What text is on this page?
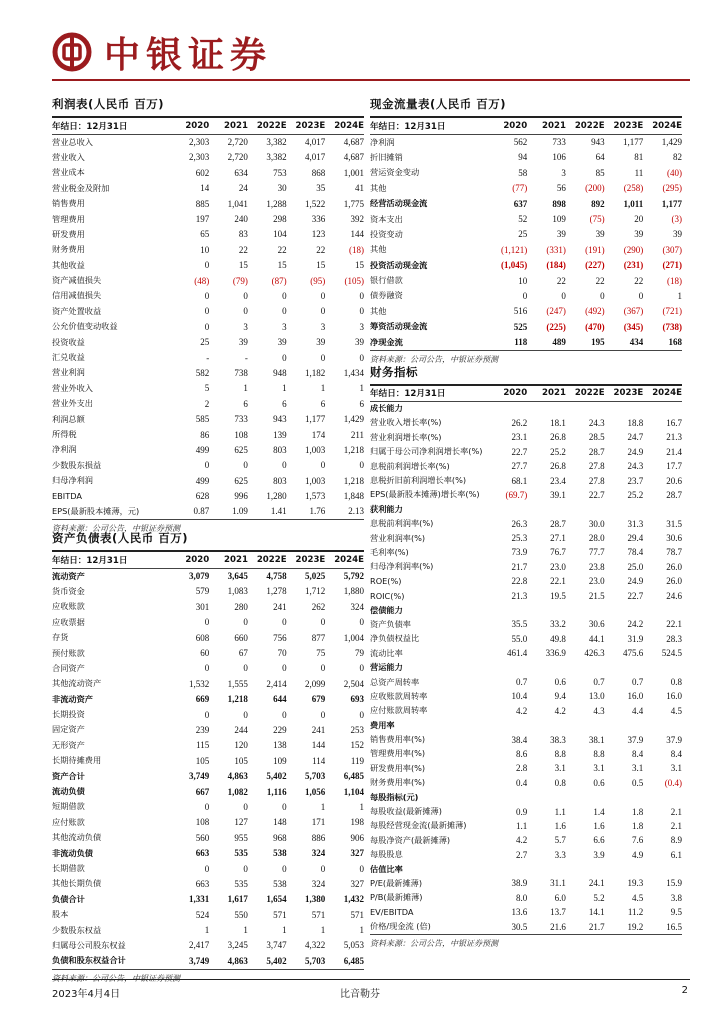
中银证券
利润表(人民币 百万)
年结日：12月31日	2020	2021	2022E	2023E	2024E
营业总收入	2,303	2,720	3,382	4,017	4,687
营业收入	2,303	2,720	3,382	4,017	4,687
营业成本	602	634	753	868	1,001
营业税金及附加	14	24	30	35	41
销售费用	885	1,041	1,288	1,522	1,775
管理费用	197	240	298	336	392
研发费用	65	83	104	123	144
财务费用	10	22	22	22	(18)
其他收益	0	15	15	15	15
资产减值损失	(48)	(79)	(87)	(95)	(105)
信用减值损失	0	0	0	0	0
资产处置收益	0	0	0	0	0
公允价值变动收益	0	3	3	3	3
投资收益	25	39	39	39	39
汇兑收益	-	-	0	0	0
营业利润	582	738	948	1,182	1,434
营业外收入	5	1	1	1	1
营业外支出	2	6	6	6	6
利润总额	585	733	943	1,177	1,429
所得税	86	108	139	174	211
净利润	499	625	803	1,003	1,218
少数股东损益	0	0	0	0	0
归母净利润	499	625	803	1,003	1,218
EBITDA	628	996	1,280	1,573	1,848
EPS(最新股本摊薄，元)	0.87	1.09	1.41	1.76	2.13
资料来源：公司公告，中银证券预测
资产负债表(人民币 百万)
年结日：12月31日	2020	2021	2022E	2023E	2024E
流动资产	3,079	3,645	4,758	5,025	5,792
货币资金	579	1,083	1,278	1,712	1,880
应收账款	301	280	241	262	324
应收票据	0	0	0	0	0
存货	608	660	756	877	1,004
预付账款	60	67	70	75	79
合同资产	0	0	0	0	0
其他流动资产	1,532	1,555	2,414	2,099	2,504
非流动资产	669	1,218	644	679	693
长期投资	0	0	0	0	0
固定资产	239	244	229	241	253
无形资产	115	120	138	144	152
长期待摊费用	105	105	109	114	119
资产合计	3,749	4,863	5,402	5,703	6,485
流动负债	667	1,082	1,116	1,056	1,104
短期借款	0	0	0	1	1
应付账款	108	127	148	171	198
其他流动负债	560	955	968	886	906
非流动负债	663	535	538	324	327
长期借款	0	0	0	0	0
其他长期负债	663	535	538	324	327
负债合计	1,331	1,617	1,654	1,380	1,432
股本	524	550	571	571	571
少数股东权益	1	1	1	1	1
归属母公司股东权益	2,417	3,245	3,747	4,322	5,053
负债和股东权益合计	3,749	4,863	5,402	5,703	6,485
资料来源：公司公告，中银证券预测
现金流量表(人民币 百万)
年结日：12月31日	2020	2021	2022E	2023E	2024E
净利润	562	733	943	1,177	1,429
折旧摊销	94	106	64	81	82
营运资金变动	58	3	85	11	(40)
其他	(77)	56	(200)	(258)	(295)
经营活动现金流	637	898	892	1,011	1,177
资本支出	52	109	(75)	20	(3)
投资变动	25	39	39	39	39
其他	(1,121)	(331)	(191)	(290)	(307)
投资活动现金流	(1,045)	(184)	(227)	(231)	(271)
银行借款	10	22	22	22	(18)
债券融资	0	0	0	0	1
其他	516	(247)	(492)	(367)	(721)
筹资活动现金流	525	(225)	(470)	(345)	(738)
净现金流	118	489	195	434	168
资料来源：公司公告，中银证券预测
财务指标
年结日：12月31日	2020	2021	2022E	2023E	2024E
成长能力					
营业收入增长率(%)	26.2	18.1	24.3	18.8	16.7
营业利润增长率(%)	23.1	26.8	28.5	24.7	21.3
归属于母公司净利润增长率(%)	22.7	25.2	28.7	24.9	21.4
息税前利润增长率(%)	27.7	26.8	27.8	24.3	17.7
息税折旧前利润增长率(%)	68.1	23.4	27.8	23.7	20.6
EPS(最新股本摊薄)增长率(%)	(69.7)	39.1	22.7	25.2	28.7
获利能力					
息税前利润率(%)	26.3	28.7	30.0	31.3	31.5
营业利润率(%)	25.3	27.1	28.0	29.4	30.6
毛利率(%)	73.9	76.7	77.7	78.4	78.7
归母净利润率(%)	21.7	23.0	23.8	25.0	26.0
ROE(%)	22.8	22.1	23.0	24.9	26.0
ROIC(%)	21.3	19.5	21.5	22.7	24.6
偿债能力					
资产负债率	35.5	33.2	30.6	24.2	22.1
净负债权益比	55.0	49.8	44.1	31.9	28.3
流动比率	461.4	336.9	426.3	475.6	524.5
营运能力					
总资产周转率	0.7	0.6	0.7	0.7	0.8
应收账款周转率	10.4	9.4	13.0	16.0	16.0
应付账款周转率	4.2	4.2	4.3	4.4	4.5
费用率					
销售费用率(%)	38.4	38.3	38.1	37.9	37.9
管理费用率(%)	8.6	8.8	8.8	8.4	8.4
研发费用率(%)	2.8	3.1	3.1	3.1	3.1
财务费用率(%)	0.4	0.8	0.6	0.5	(0.4)
每股指标(元)					
每股收益(最新摊薄)	0.9	1.1	1.4	1.8	2.1
每股经营现金流(最新摊薄)	1.1	1.6	1.6	1.8	2.1
每股净资产(最新摊薄)	4.2	5.7	6.6	7.6	8.9
每股股息	2.7	3.3	3.9	4.9	6.1
估值比率					
P/E(最新摊薄)	38.9	31.1	24.1	19.3	15.9
P/B(最新摊薄)	8.0	6.0	5.2	4.5	3.8
EV/EBITDA	13.6	13.7	14.1	11.2	9.5
价格/现金流 (倍)	30.5	21.6	21.7	19.2	16.5
资料来源：公司公告，中银证券预测
2023年4月4日	比音勒芬	2
